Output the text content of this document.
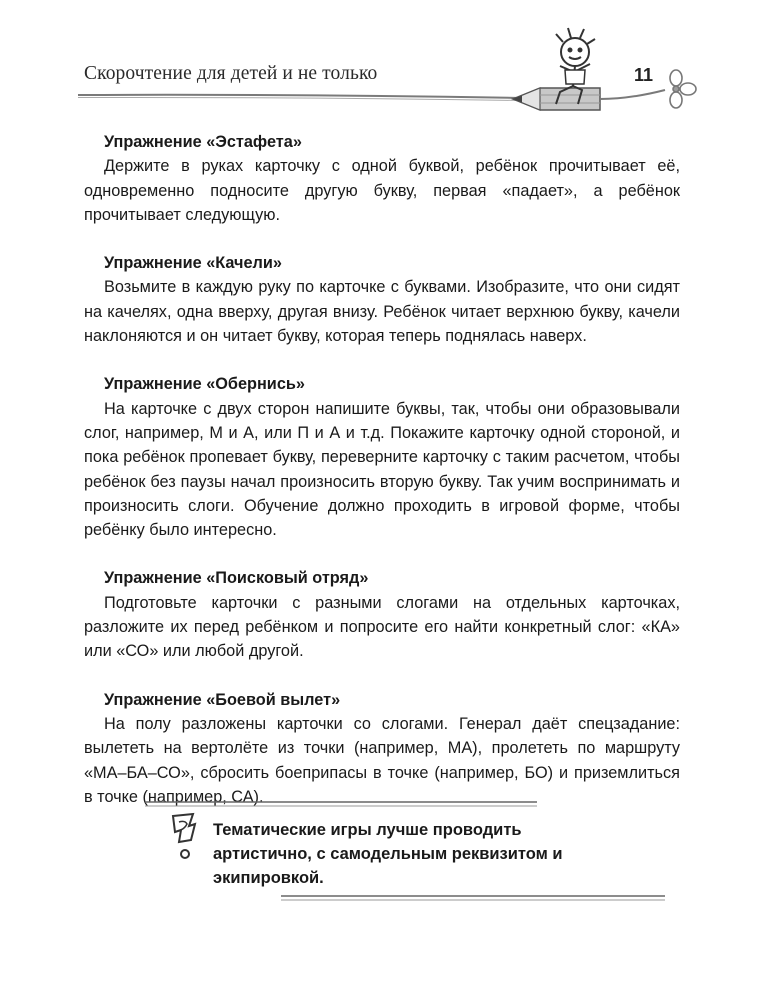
Скорочтение для детей и не только	11

Упражнение «Эстафета»

Держите в руках карточку с одной буквой, ребёнок прочитывает её, одновременно подносите другую букву, первая «падает», а ребёнок прочитывает следующую.

Упражнение «Качели»

Возьмите в каждую руку по карточке с буквами. Изобразите, что они сидят на качелях, одна вверху, другая внизу. Ребёнок читает верхнюю букву, качели наклоняются и он читает букву, которая теперь поднялась наверх.

Упражнение «Обернись»

На карточке с двух сторон напишите буквы, так, чтобы они образовывали слог, например, М и А, или П и А и т.д. Покажите карточку одной стороной, и пока ребёнок пропевает букву, переверните карточку с таким расчетом, чтобы ребёнок без паузы начал произносить вторую букву. Так учим воспринимать и произносить слоги. Обучение должно проходить в игровой форме, чтобы ребёнку было интересно.

Упражнение «Поисковый отряд»

Подготовьте карточки с разными слогами на отдельных карточках, разложите их перед ребёнком и попросите его найти конкретный слог: «КА» или «СО» или любой другой.

Упражнение «Боевой вылет»

На полу разложены карточки со слогами. Генерал даёт спецзадание: вылететь на вертолёте из точки (например, МА), пролететь по маршруту «МА–БА–СО», сбросить боеприпасы в точке (например, БО) и приземлиться в точке (например, СА).

Тематические игры лучше проводить артистично, с самодельным реквизитом и экипировкой.
